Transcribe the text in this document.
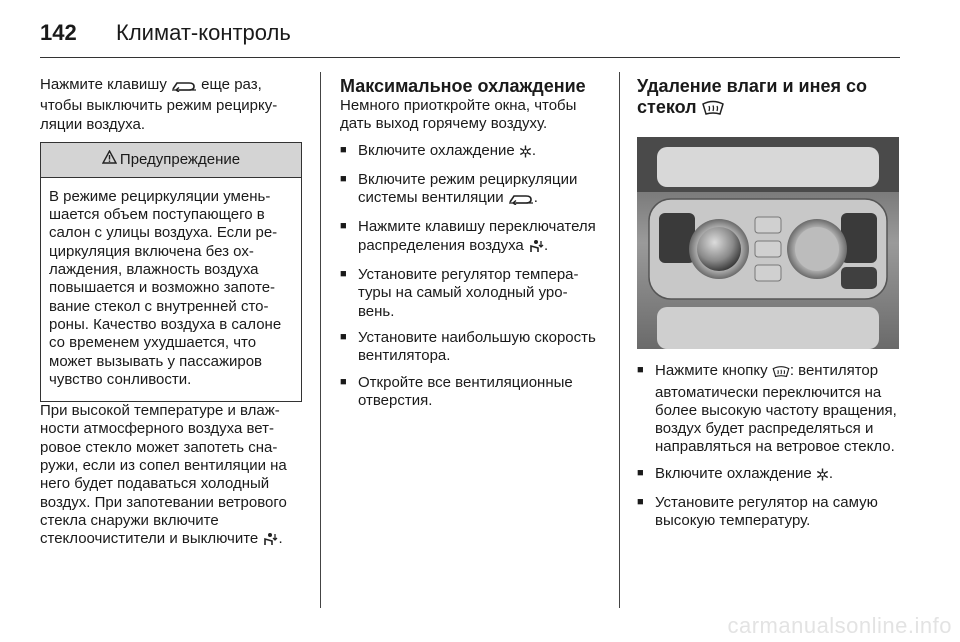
142 Климат-контроль

Нажмите клавишу еще раз, чтобы выключить режим рециркуляции воздуха.

Предупреждение
В режиме рециркуляции уменьшается объем поступающего в салон с улицы воздуха. Если рециркуляция включена без охлаждения, влажность воздуха повышается и возможно запотевание стекол с внутренней стороны. Качество воздуха в салоне со временем ухудшается, что может вызывать у пассажиров чувство сонливости.

При высокой температуре и влажности атмосферного воздуха ветровое стекло может запотеть снаружи, если из сопел вентиляции на него будет подаваться холодный воздух. При запотевании ветрового стекла снаружи включите стеклоочистители и выключите .

Максимальное охлаждение

Немного приоткройте окна, чтобы дать выход горячему воздуху.

■ Включите охлаждение .
■ Включите режим рециркуляции системы вентиляции .
■ Нажмите клавишу переключателя распределения воздуха .
■ Установите регулятор температуры на самый холодный уровень.
■ Установите наибольшую скорость вентилятора.
■ Откройте все вентиляционные отверстия.
Удаление влаги и инея со стекол
■ Нажмите кнопку : вентилятор автоматически переключится на более высокую частоту вращения, воздух будет распределяться и направляться на ветровое стекло.
■ Включите охлаждение .
■ Установите регулятор на самую высокую температуру.
carmanualsonline.info
